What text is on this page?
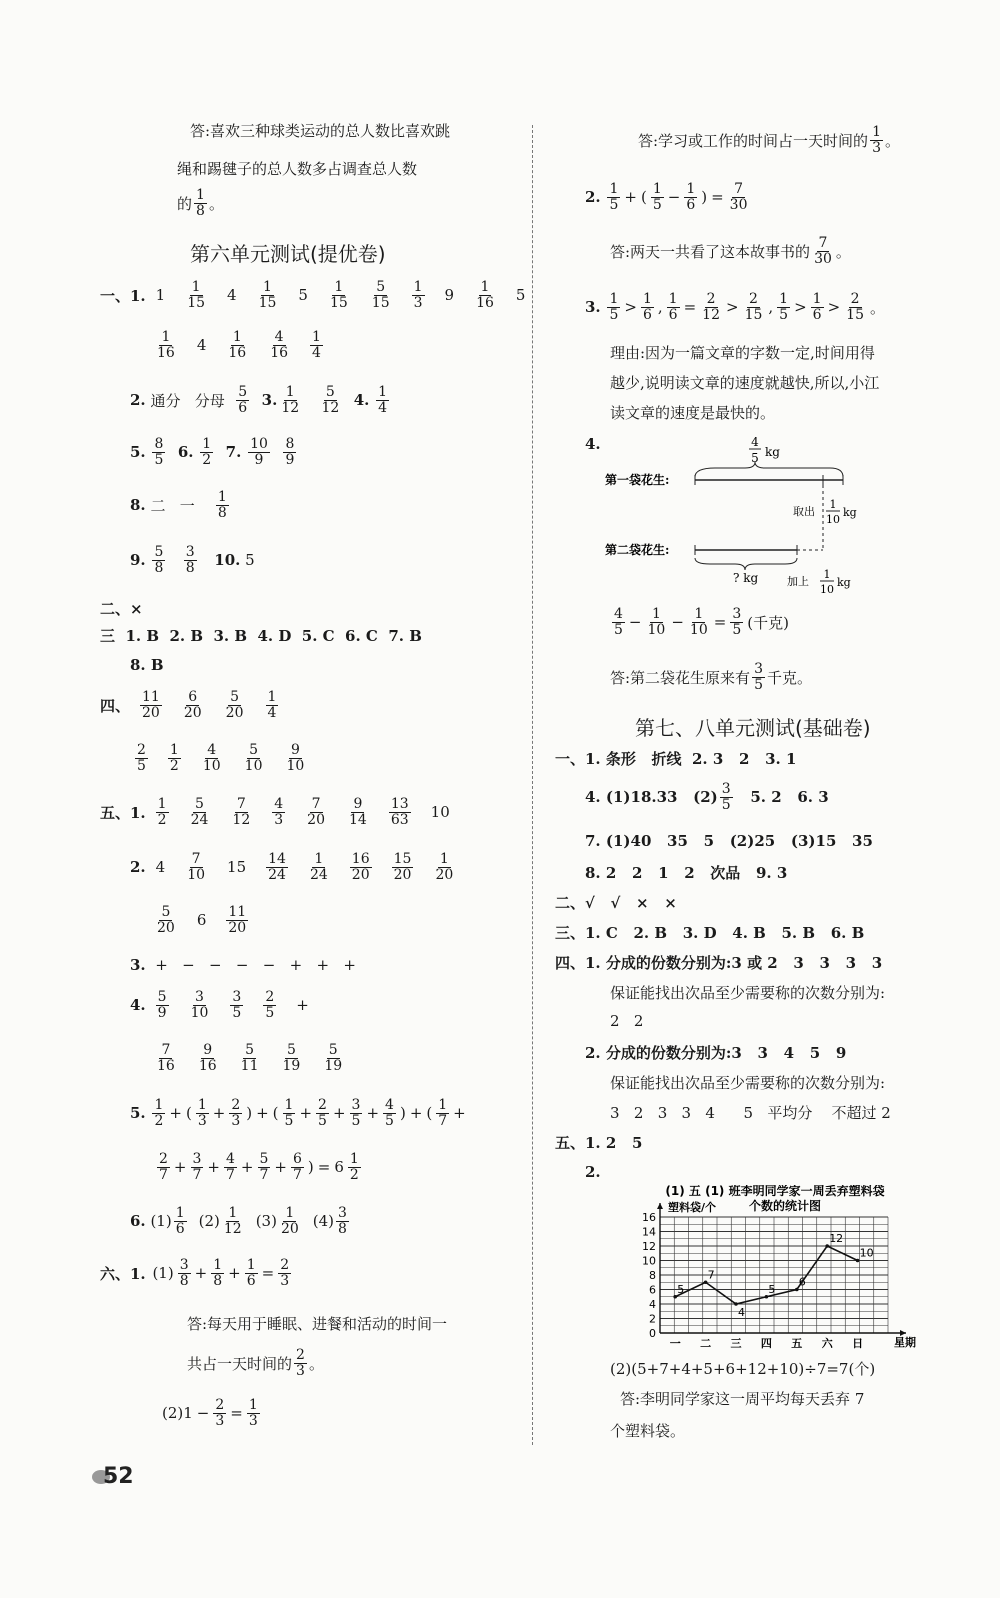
答:喜欢三种球类运动的总人数比喜欢跳
绳和踢毽子的总人数多占调查总人数
的 $\frac{1}{8}$ 。
第六单元测试(提优卷)
一、1. $1 \frac{1}{15} 4 \frac{1}{15} 5 \frac{1}{15} \frac{5}{15} \frac{1}{3} 9 \frac{1}{16} 5$
$\frac{1}{16} 4 \frac{1}{16} \frac{4}{16} \frac{1}{4}$
2. 通分   分母 $\frac{5}{6} 3$. $\frac{1}{12}$
$\frac{5}{12} 4$.
$\frac{1}{4}$
5.
$\frac{8}{5} 6$.
$\frac{1}{2} 7$.
$\frac{10}{9}$
$\frac{8}{9}$
8. 二   一 $\frac{1}{8}$
9.
$\frac{5}{8}$
$\frac{3}{8} 10$. 5
二、×
三  1. B  2. B  3. B  4. D  5. C  6. C  7. B
8. B
四、 $\frac{11}{20} \frac{6}{20} \frac{5}{20} \frac{1}{4}$
$\frac{2}{5} \frac{1}{2} \frac{4}{10} \frac{5}{10} \frac{9}{10}$
五、1. $\frac{1}{2} \frac{5}{24} \frac{7}{12} \frac{4}{3} \frac{7}{20} \frac{9}{14} \frac{13}{63} 10$
2. $4 \frac{7}{10} 15 \frac{14}{24} \frac{1}{24} \frac{16}{20} \frac{15}{20} \frac{1}{20}$
$\frac{5}{20} 6 \frac{11}{20}$
3. +   −   −   −   −   +   +   +
4. $\frac{5}{9} \frac{3}{10} \frac{3}{5} \frac{2}{5}$ +
$\frac{7}{16} \frac{9}{16} \frac{5}{11} \frac{5}{19} \frac{5}{19}$
5.
$\frac{1}{2}$ + ( $\frac{1}{3} + \frac{2}{3}$ ) + ( $\frac{1}{5} + \frac{2}{5} + \frac{3}{5} + \frac{4}{5}$ ) + ( $\frac{1}{7}$ +
$\frac{2}{7} + \frac{3}{7} + \frac{4}{7} + \frac{5}{7} + \frac{6}{7}$ ) = $6 \frac{1}{2}$
6.
$(1) \frac{1}{6} (2) \frac{1}{12} (3) \frac{1}{20} (4) \frac{3}{8}$
六、1.
$(1) \frac{3}{8} + \frac{1}{8} + \frac{1}{6} = \frac{2}{3}$
答:每天用于睡眠、进餐和活动的时间一
共占一天时间的 $\frac{2}{3}$ 。
$(2)1 - \frac{2}{3} = \frac{1}{3}$
答:学习或工作的时间占一天时间的 $\frac{1}{3}$ 。
2.
$\frac{1}{5}$ + ( $\frac{1}{5} - \frac{1}{6}$ ) = $\frac{7}{30}$
答:两天一共看了这本故事书的 $\frac{7}{30}$ 。
3.
$\frac{1}{5} > \frac{1}{6}$ , $\frac{1}{6} = \frac{2}{12} > \frac{2}{15}$ , $\frac{1}{5} > \frac{1}{6} > \frac{2}{15}$ 。
理由:因为一篇文章的字数一定,时间用得
越少,说明读文章的速度就越快,所以,小江
读文章的速度是最快的。
4.
$\frac{4}{5} - \frac{1}{10} - \frac{1}{10} = \frac{3}{5}$ (千克)
答:第二袋花生原来有 $\frac{3}{5}$ 千克。
第七、八单元测试(基础卷)
一、1. 条形   折线  2. 3   2   3. 1
4. (1)18.33   $(2) \frac{3}{5} 5$. 2   6. 3
7. (1)40   35   5   (2)25   (3)15   35
8. 2   2   1   2   次品   9. 3
二、√   √   ×   ×
三、1. C   2. B   3. D   4. B   5. B   6. B
四、1. 分成的份数分别为:3 或 2   3   3   3   3
保证能找出次品至少需要称的次数分别为:
2   2
2. 分成的份数分别为:3   3   4   5   9
保证能找出次品至少需要称的次数分别为:
3   2   3   3   4      5   平均分    不超过 2
五、1. 2   5
2.
(2)(5+7+4+5+6+12+10)÷7=7(个)
答:李明同学家这一周平均每天丢弃 7
个塑料袋。
52
4
5 kg
第一袋花生:
取出
1
10
kg
第二袋花生:
? kg	加上
1
10
kg
(1) 五 (1) 班李明同学家一周丢弃塑料袋
个数的统计图
塑料袋/个
星期
0
2
4
6
8
10
12
14
16
一 二 三 四 五 六 日
5
7
4
5
6
12
10
